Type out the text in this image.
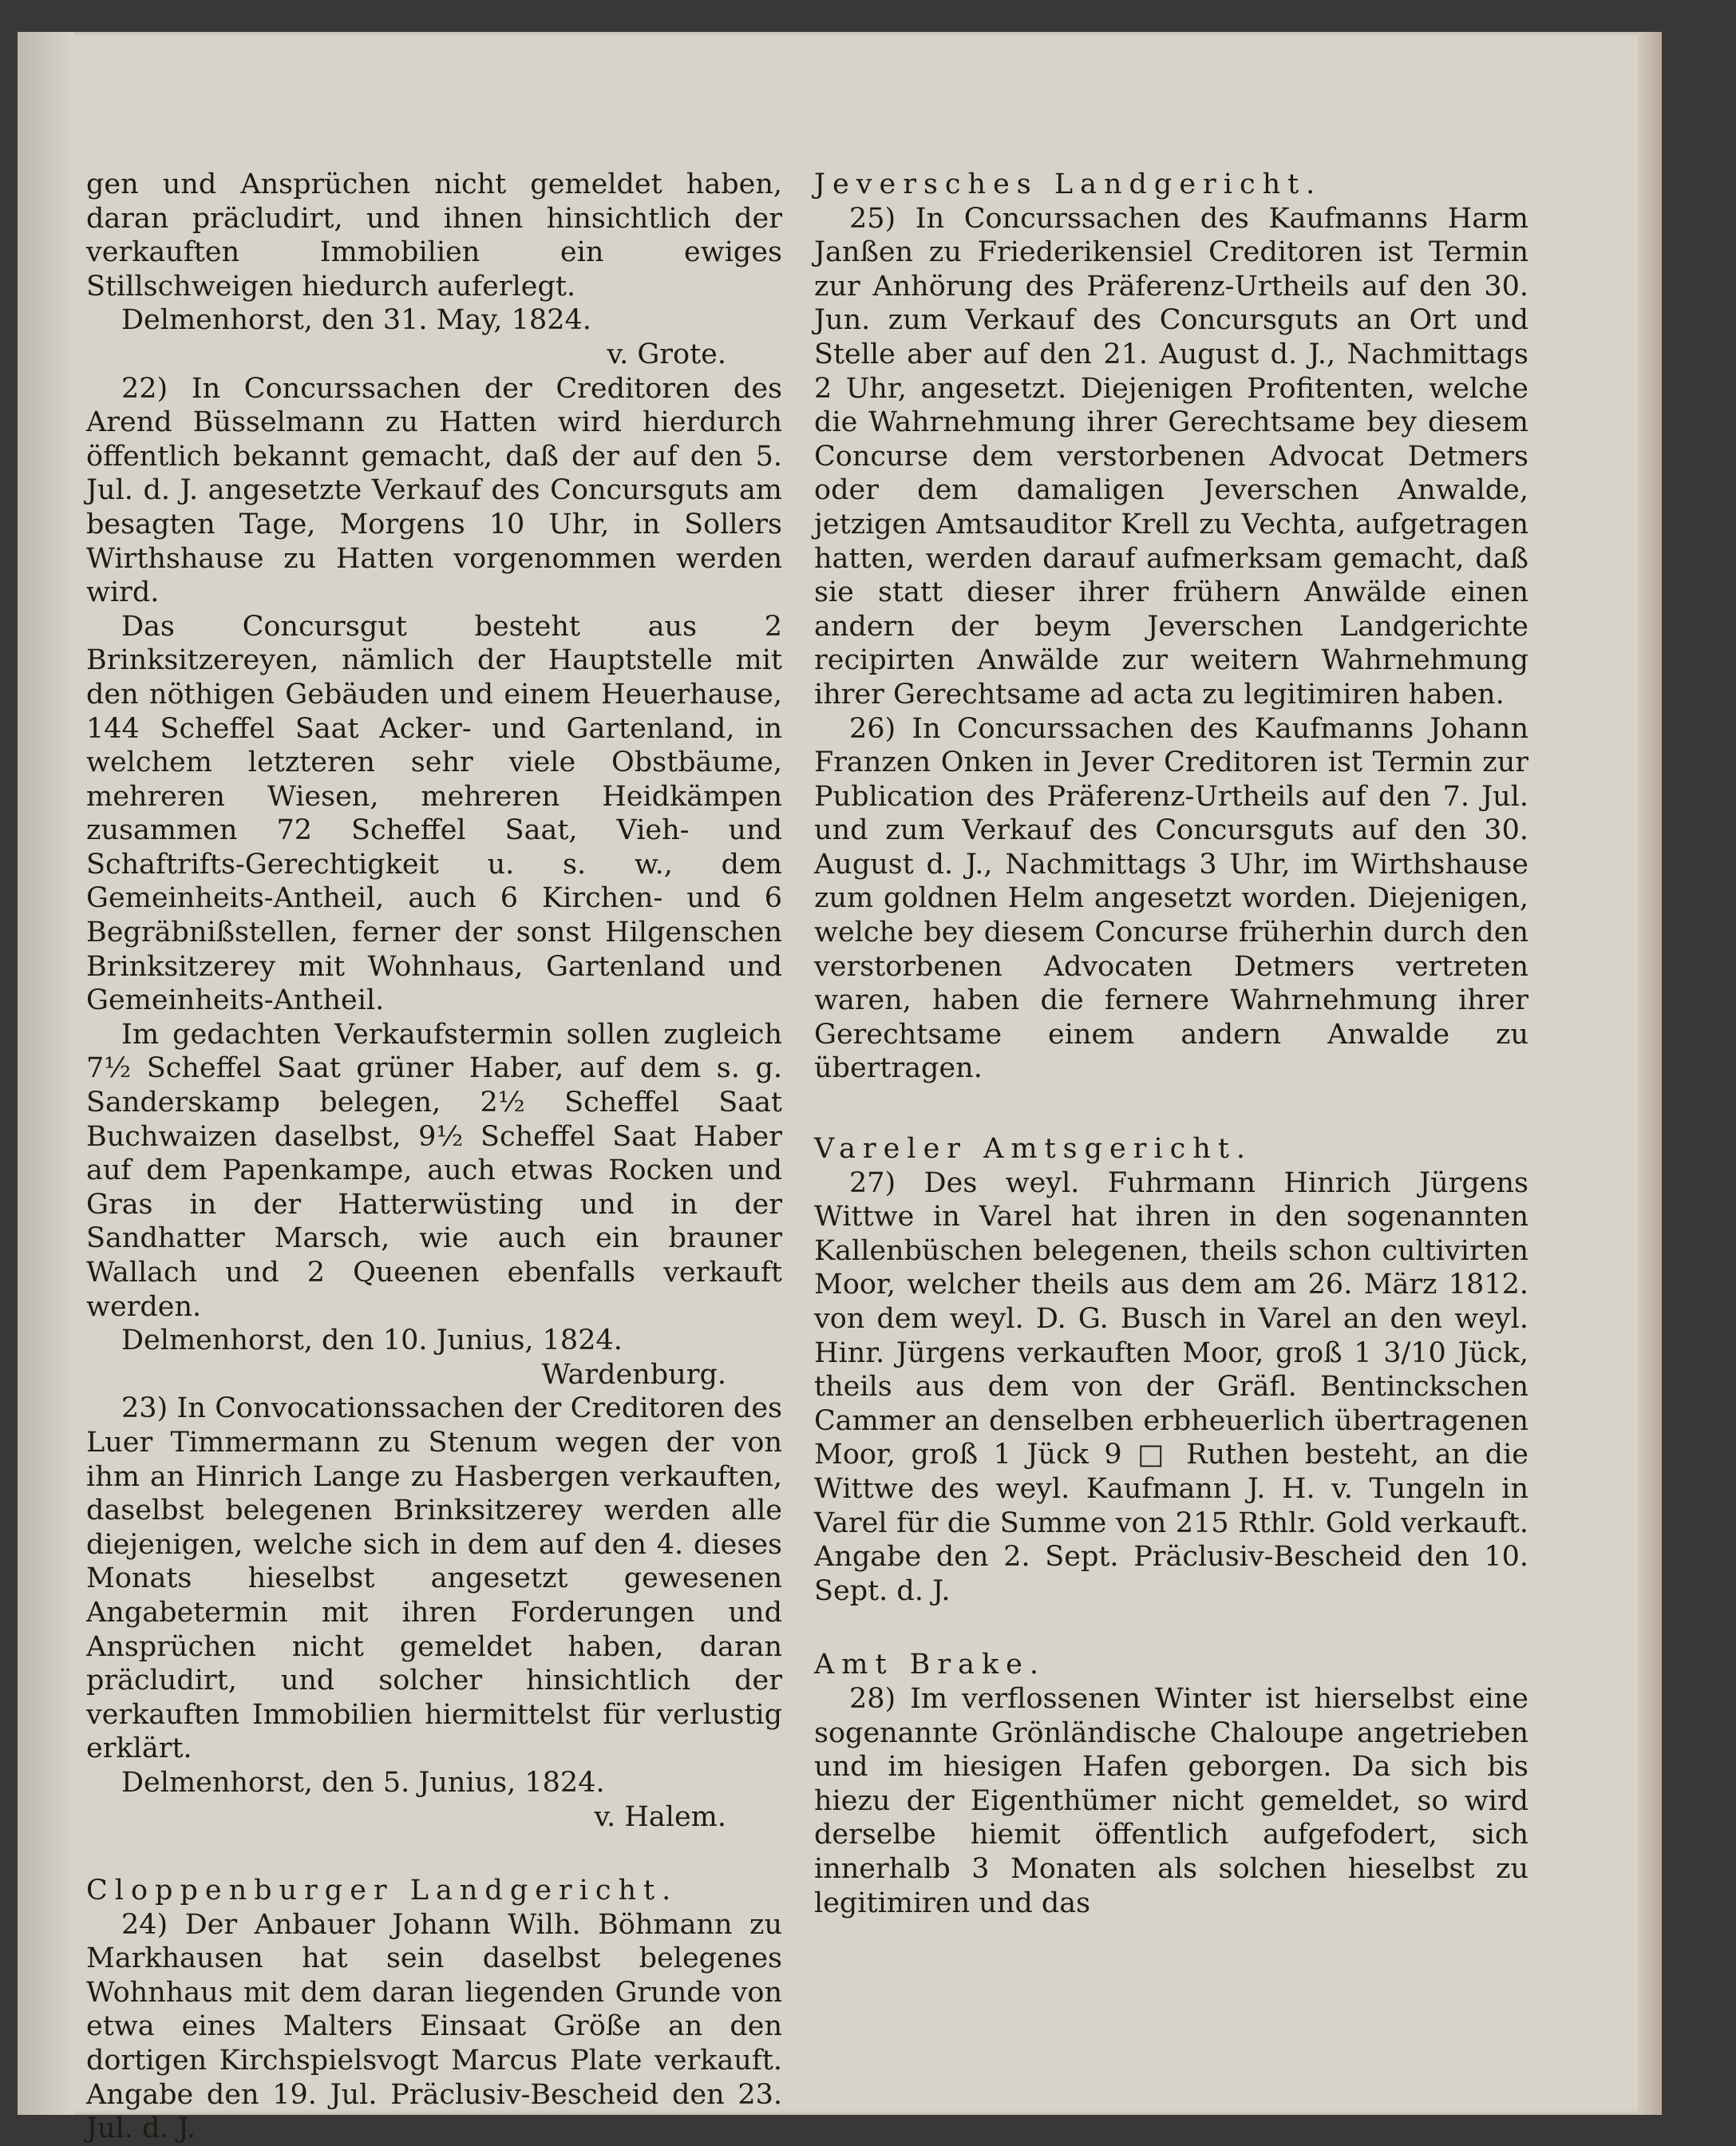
gen und Ansprüchen nicht gemeldet haben, daran präcludirt, und ihnen hinsichtlich der verkauften Immobilien ein ewiges Stillschweigen hiedurch auferlegt.

Delmenhorst, den 31. May, 1824.

v. Grote.

22) In Concurssachen der Creditoren des Arend Büsselmann zu Hatten wird hierdurch öffentlich bekannt gemacht, daß der auf den 5. Jul. d. J. angesetzte Verkauf des Concursguts am besagten Tage, Morgens 10 Uhr, in Sollers Wirthshause zu Hatten vorgenommen werden wird.

Das Concursgut besteht aus 2 Brinksitzereyen, nämlich der Hauptstelle mit den nöthigen Gebäuden und einem Heuerhause, 144 Scheffel Saat Acker- und Gartenland, in welchem letzteren sehr viele Obstbäume, mehreren Wiesen, mehreren Heidkämpen zusammen 72 Scheffel Saat, Vieh- und Schaftrifts-Gerechtigkeit u. s. w., dem Gemeinheits-Antheil, auch 6 Kirchen- und 6 Begräbnißstellen, ferner der sonst Hilgenschen Brinksitzerey mit Wohnhaus, Gartenland und Gemeinheits-Antheil.

Im gedachten Verkaufstermin sollen zugleich 7½ Scheffel Saat grüner Haber, auf dem s. g. Sanderskamp belegen, 2½ Scheffel Saat Buchwaizen daselbst, 9½ Scheffel Saat Haber auf dem Papenkampe, auch etwas Rocken und Gras in der Hatterwüsting und in der Sandhatter Marsch, wie auch ein brauner Wallach und 2 Queenen ebenfalls verkauft werden.

Delmenhorst, den 10. Junius, 1824.

Wardenburg.

23) In Convocationssachen der Creditoren des Luer Timmermann zu Stenum wegen der von ihm an Hinrich Lange zu Hasbergen verkauften, daselbst belegenen Brinksitzerey werden alle diejenigen, welche sich in dem auf den 4. dieses Monats hieselbst angesetzt gewesenen Angabetermin mit ihren Forderungen und Ansprüchen nicht gemeldet haben, daran präcludirt, und solcher hinsichtlich der verkauften Immobilien hiermittelst für verlustig erklärt.

Delmenhorst, den 5. Junius, 1824.

v. Halem.

Cloppenburger Landgericht.

24) Der Anbauer Johann Wilh. Böhmann zu Markhausen hat sein daselbst belegenes Wohnhaus mit dem daran liegenden Grunde von etwa eines Malters Einsaat Größe an den dortigen Kirchspielsvogt Marcus Plate verkauft. Angabe den 19. Jul. Präclusiv-Bescheid den 23. Jul. d. J.

Jeversches Landgericht.

25) In Concurssachen des Kaufmanns Harm Janßen zu Friederikensiel Creditoren ist Termin zur Anhörung des Präferenz-Urtheils auf den 30. Jun. zum Verkauf des Concursguts an Ort und Stelle aber auf den 21. August d. J., Nachmittags 2 Uhr, angesetzt. Diejenigen Profitenten, welche die Wahrnehmung ihrer Gerechtsame bey diesem Concurse dem verstorbenen Advocat Detmers oder dem damaligen Jeverschen Anwalde, jetzigen Amtsauditor Krell zu Vechta, aufgetragen hatten, werden darauf aufmerksam gemacht, daß sie statt dieser ihrer frühern Anwälde einen andern der beym Jeverschen Landgerichte recipirten Anwälde zur weitern Wahrnehmung ihrer Gerechtsame ad acta zu legitimiren haben.

26) In Concurssachen des Kaufmanns Johann Franzen Onken in Jever Creditoren ist Termin zur Publication des Präferenz-Urtheils auf den 7. Jul. und zum Verkauf des Concursguts auf den 30. August d. J., Nachmittags 3 Uhr, im Wirthshause zum goldnen Helm angesetzt worden. Diejenigen, welche bey diesem Concurse früherhin durch den verstorbenen Advocaten Detmers vertreten waren, haben die fernere Wahrnehmung ihrer Gerechtsame einem andern Anwalde zu übertragen.

Vareler Amtsgericht.

27) Des weyl. Fuhrmann Hinrich Jürgens Wittwe in Varel hat ihren in den sogenannten Kallenbüschen belegenen, theils schon cultivirten Moor, welcher theils aus dem am 26. März 1812. von dem weyl. D. G. Busch in Varel an den weyl. Hinr. Jürgens verkauften Moor, groß 1 3/10 Jück, theils aus dem von der Gräfl. Bentinckschen Cammer an denselben erbheuerlich übertragenen Moor, groß 1 Jück 9 □ Ruthen besteht, an die Wittwe des weyl. Kaufmann J. H. v. Tungeln in Varel für die Summe von 215 Rthlr. Gold verkauft. Angabe den 2. Sept. Präclusiv-Bescheid den 10. Sept. d. J.

Amt Brake.

28) Im verflossenen Winter ist hierselbst eine sogenannte Grönländische Chaloupe angetrieben und im hiesigen Hafen geborgen. Da sich bis hiezu der Eigenthümer nicht gemeldet, so wird derselbe hiemit öffentlich aufgefodert, sich innerhalb 3 Monaten als solchen hieselbst zu legitimiren und das
